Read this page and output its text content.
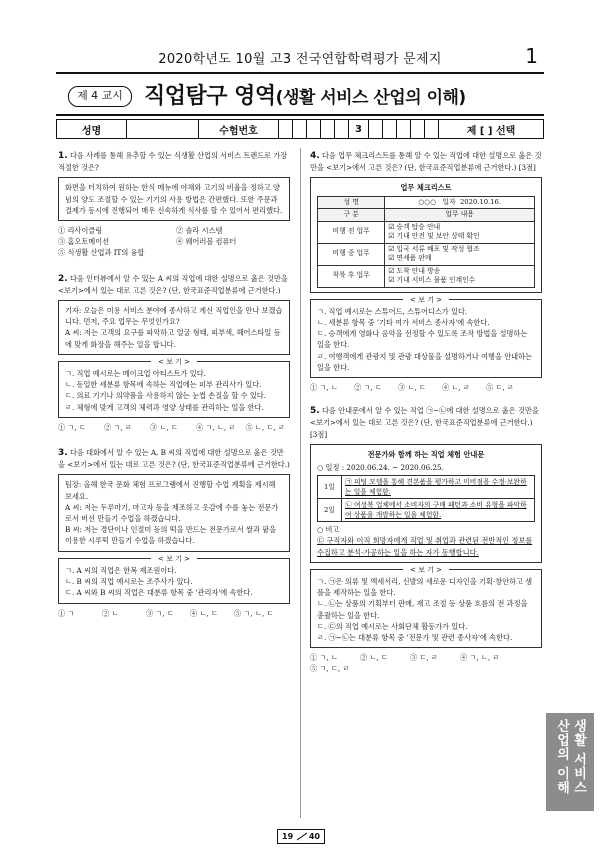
2020학년도 10월 고3 전국연합학력평가 문제지	1
제 4 교시 직업탐구 영역(생활 서비스 산업의 이해)
성명	수험번호	3	제 [ ] 선택
1. 다음 사례를 통해 유추할 수 있는 식생활 산업의 서비스 트렌드로 가장 적절한 것은?
화면을 터치하여 원하는 한식 메뉴에 야채와 고기의 비율을 정하고 양념의 양도 조절할 수 있는 기기의 사용 방법은 간편했다. 또한 주문과 결제가 동시에 진행되어 매우 신속하게 식사를 할 수 있어서 편리했다.
① 리사이클링	② 솔라 시스템
③ 홈오토메이션	④ 웨어러블 컴퓨터
⑤ 식생활 산업과 IT의 융합
2. 다음 인터뷰에서 알 수 있는 A 씨의 직업에 대한 설명으로 옳은 것만을 <보기>에서 있는 대로 고른 것은? (단, 한국표준직업분류에 근거한다.)
기자: 오늘은 미용 서비스 분야에 종사하고 계신 직업인을 만나 보겠습니다. 먼저, 주요 업무는 무엇인가요?
A 씨: 저는 고객의 요구를 파악하고 얼굴 형태, 피부색, 헤어스타일 등에 맞게 화장을 해주는 일을 합니다.
< 보 기 >
ㄱ. 직업 예시로는 메이크업 아티스트가 있다.
ㄴ. 동일한 세분류 항목에 속하는 직업에는 피부 관리사가 있다.
ㄷ. 의료 기기나 의약품을 사용하지 않는 눈썹 손질을 할 수 있다.
ㄹ. 체형에 맞게 고객의 체력과 영양 상태를 관리하는 일을 한다.
① ㄱ, ㄷ	② ㄱ, ㄹ	③ ㄴ, ㄷ	④ ㄱ, ㄴ, ㄹ ⑤ ㄴ, ㄷ, ㄹ
3. 다음 대화에서 알 수 있는 A, B 씨의 직업에 대한 설명으로 옳은 것만을 <보기>에서 있는 대로 고른 것은? (단, 한국표준직업분류에 근거한다.)
팀장: 올해 한국 문화 체험 프로그램에서 진행할 수업 계획을 제시해 보세요.
A 씨: 저는 두루마기, 마고자 등을 제조하고 옷감에 수를 놓는 전문가로서 버선 만들기 수업을 하겠습니다.
B 씨: 저는 경단이나 인절미 등의 떡을 만드는 전문가로서 쌀과 팥을 이용한 시루떡 만들기 수업을 하겠습니다.
< 보 기 >
ㄱ. A 씨의 직업은 한복 제조원이다.
ㄴ. B 씨의 직업 예시로는 조주사가 있다.
ㄷ. A 씨와 B 씨의 직업은 대분류 항목 중 '관리자'에 속한다.
① ㄱ	② ㄴ	③ ㄱ, ㄷ	④ ㄴ, ㄷ	⑤ ㄱ, ㄴ, ㄷ
4. 다음 업무 체크리스트를 통해 알 수 있는 직업에 대한 설명으로 옳은 것만을 <보기>에서 고른 것은? (단, 한국표준직업분류에 근거한다.) [3점]
업무 체크리스트
성 명	○○○ 일자 2020.10.16.
구 분	업무 내용
비행 전 업무	☑ 승객 탑승 안내
☑ 기내 안전 및 보안 상태 확인

비행 중 업무	☑ 입국 서류 배포 및 작성 협조
☑ 면세품 판매

착륙 후 업무	☑ 도착 안내 방송
☑ 기내 서비스 물품 인계인수
< 보 기 >
ㄱ. 직업 예시로는 스튜어드, 스튜어디스가 있다.
ㄴ. 세분류 항목 중 '기타 여가 서비스 종사자'에 속한다.
ㄷ. 승객에게 영화나 음악을 선정할 수 있도록 조작 방법을 설명하는 일을 한다.
ㄹ. 여행객에게 관광지 및 관광 대상물을 설명하거나 여행을 안내하는 일을 한다.
① ㄱ, ㄴ	② ㄱ, ㄷ	③ ㄴ, ㄷ	④ ㄴ, ㄹ	⑤ ㄷ, ㄹ
5. 다음 안내문에서 알 수 있는 직업 ㉠~㉡에 대한 설명으로 옳은 것만을 <보기>에서 있는 대로 고른 것은? (단, 한국표준직업분류에 근거한다.) [3점]
전문가와 함께 하는 직업 체험 안내문
○ 일정 : 2020.06.24. ~ 2020.06.25.
1일	㉠ 피팅 모델을 통해 견본품을 평가하고 미비점을 수정·보완하는 일을 체험함.
2일	㉡ 여성복 업체에서 소비자의 구매 패턴과 소비 유형을 파악하여 상품을 개발하는 일을 체험함.
○ 비고
㉢ 구직자와 이직 희망자에게 직업 및 취업과 관련된 전반적인 정보를 수집하고 분석·가공하는 일을 하는 자가 동행합니다.
< 보 기 >
ㄱ. ㉠은 의류 및 액세서리, 신발의 새로운 디자인을 기획·창안하고 샘플을 제작하는 일을 한다.
ㄴ. ㉡는 상품의 기획부터 판매, 재고 조절 등 상품 흐름의 전 과정을 총괄하는 일을 한다.
ㄷ. ㉢의 직업 예시로는 사회단체 활동가가 있다.
ㄹ. ㉠~㉡는 대분류 항목 중 '전문가 및 관련 종사자'에 속한다.
① ㄱ, ㄴ	② ㄴ, ㄷ	③ ㄷ, ㄹ	④ ㄱ, ㄴ, ㄹ
⑤ ㄱ, ㄷ, ㄹ
산업의 이해 생활 서비스
19 40
